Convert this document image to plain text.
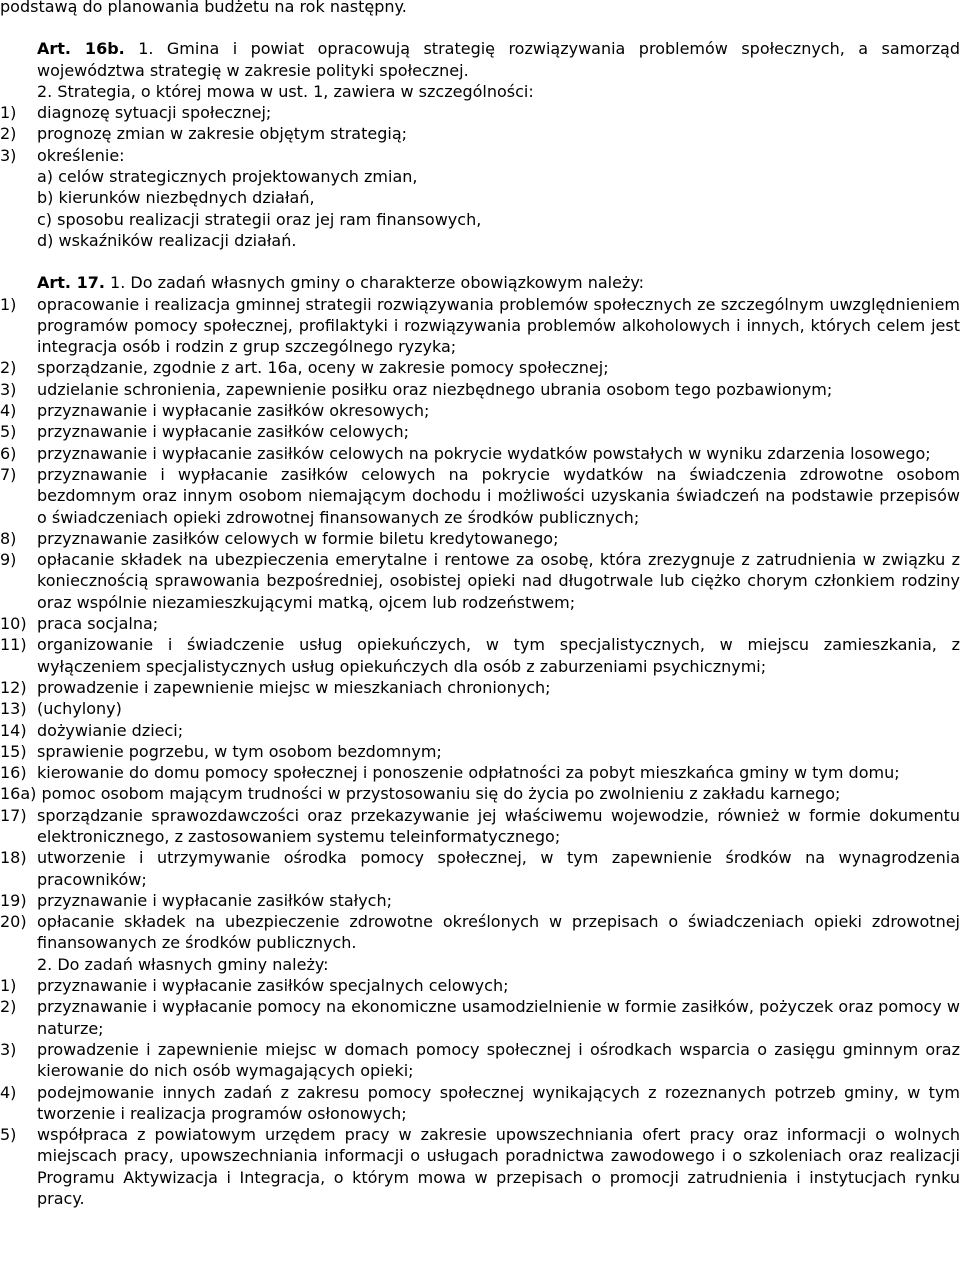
podstawą do planowania budżetu na rok następny.

Art. 16b. 1. Gmina i powiat opracowują strategię rozwiązywania problemów społecznych, a samorząd województwa strategię w zakresie polityki społecznej.

2. Strategia, o której mowa w ust. 1, zawiera w szczególności:

1) diagnozę sytuacji społecznej;
2) prognozę zmian w zakresie objętym strategią;
3) określenie:

a) celów strategicznych projektowanych zmian,

b) kierunków niezbędnych działań,

c) sposobu realizacji strategii oraz jej ram finansowych,

d) wskaźników realizacji działań.

Art. 17. 1. Do zadań własnych gminy o charakterze obowiązkowym należy:

1) opracowanie i realizacja gminnej strategii rozwiązywania problemów społecznych ze szczególnym uwzględnieniem programów pomocy społecznej, profilaktyki i rozwiązywania problemów alkoholowych i innych, których celem jest integracja osób i rodzin z grup szczególnego ryzyka;
2) sporządzanie, zgodnie z art. 16a, oceny w zakresie pomocy społecznej;
3) udzielanie schronienia, zapewnienie posiłku oraz niezbędnego ubrania osobom tego pozbawionym;
4) przyznawanie i wypłacanie zasiłków okresowych;
5) przyznawanie i wypłacanie zasiłków celowych;
6) przyznawanie i wypłacanie zasiłków celowych na pokrycie wydatków powstałych w wyniku zdarzenia losowego;
7) przyznawanie i wypłacanie zasiłków celowych na pokrycie wydatków na świadczenia zdrowotne osobom bezdomnym oraz innym osobom niemającym dochodu i możliwości uzyskania świadczeń na podstawie przepisów o świadczeniach opieki zdrowotnej finansowanych ze środków publicznych;
8) przyznawanie zasiłków celowych w formie biletu kredytowanego;
9) opłacanie składek na ubezpieczenia emerytalne i rentowe za osobę, która zrezygnuje z zatrudnienia w związku z koniecznością sprawowania bezpośredniej, osobistej opieki nad długotrwale lub ciężko chorym członkiem rodziny oraz wspólnie niezamieszkującymi matką, ojcem lub rodzeństwem;
10) praca socjalna;
11) organizowanie i świadczenie usług opiekuńczych, w tym specjalistycznych, w miejscu zamieszkania, z wyłączeniem specjalistycznych usług opiekuńczych dla osób z zaburzeniami psychicznymi;
12) prowadzenie i zapewnienie miejsc w mieszkaniach chronionych;
13) (uchylony)
14) dożywianie dzieci;
15) sprawienie pogrzebu, w tym osobom bezdomnym;
16) kierowanie do domu pomocy społecznej i ponoszenie odpłatności za pobyt mieszkańca gminy w tym domu;

16a) pomoc osobom mającym trudności w przystosowaniu się do życia po zwolnieniu z zakładu karnego;

17) sporządzanie sprawozdawczości oraz przekazywanie jej właściwemu wojewodzie, również w formie dokumentu elektronicznego, z zastosowaniem systemu teleinformatycznego;
18) utworzenie i utrzymywanie ośrodka pomocy społecznej, w tym zapewnienie środków na wynagrodzenia pracowników;
19) przyznawanie i wypłacanie zasiłków stałych;
20) opłacanie składek na ubezpieczenie zdrowotne określonych w przepisach o świadczeniach opieki zdrowotnej finansowanych ze środków publicznych.

2. Do zadań własnych gminy należy:

1) przyznawanie i wypłacanie zasiłków specjalnych celowych;
2) przyznawanie i wypłacanie pomocy na ekonomiczne usamodzielnienie w formie zasiłków, pożyczek oraz pomocy w naturze;
3) prowadzenie i zapewnienie miejsc w domach pomocy społecznej i ośrodkach wsparcia o zasięgu gminnym oraz kierowanie do nich osób wymagających opieki;
4) podejmowanie innych zadań z zakresu pomocy społecznej wynikających z rozeznanych potrzeb gminy, w tym tworzenie i realizacja programów osłonowych;
5) współpraca z powiatowym urzędem pracy w zakresie upowszechniania ofert pracy oraz informacji o wolnych miejscach pracy, upowszechniania informacji o usługach poradnictwa zawodowego i o szkoleniach oraz realizacji Programu Aktywizacja i Integracja, o którym mowa w przepisach o promocji zatrudnienia i instytucjach rynku pracy.
